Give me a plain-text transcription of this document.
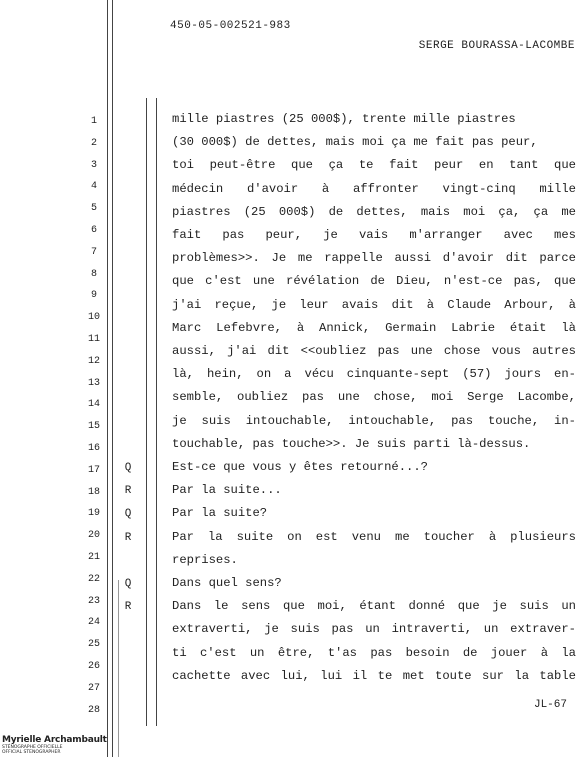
450-05-002521-983
SERGE BOURASSA-LACOMBE
1
2
3
4
5
6
7
8
9
10
11
12
13
14
15
16
17
18
19
20
21
22
23
24
25
26
27
28
Q
R
Q
R
Q
R
mille piastres (25 000$), trente mille piastres
(30 000$) de dettes, mais moi ça me fait pas peur,
toi peut-être que ça te fait peur en tant que
médecin d'avoir à affronter vingt-cinq mille
piastres (25 000$) de dettes, mais moi ça, ça me
fait pas peur, je vais m'arranger avec mes
problèmes>>. Je me rappelle aussi d'avoir dit parce
que c'est une révélation de Dieu, n'est-ce pas, que
j'ai reçue, je leur avais dit à Claude Arbour, à
Marc Lefebvre, à Annick, Germain Labrie était là
aussi, j'ai dit <<oubliez pas une chose vous autres
là, hein, on a vécu cinquante-sept (57) jours en-
semble, oubliez pas une chose, moi Serge Lacombe,
je suis intouchable, intouchable, pas touche, in-
touchable, pas touche>>. Je suis parti là-dessus.
Est-ce que vous y êtes retourné...?
Par la suite...
Par la suite?
Par la suite on est venu me toucher à plusieurs
reprises.
Dans quel sens?
Dans le sens que moi, étant donné que je suis un
extraverti, je suis pas un intraverti, un extraver-
ti c'est un être, t'as pas besoin de jouer à la
cachette avec lui, lui il te met toute sur la table
JL-67
Myrielle Archambault
STÉNOGRAPHE OFFICIELLE
OFFICIAL STENOGRAPHER
